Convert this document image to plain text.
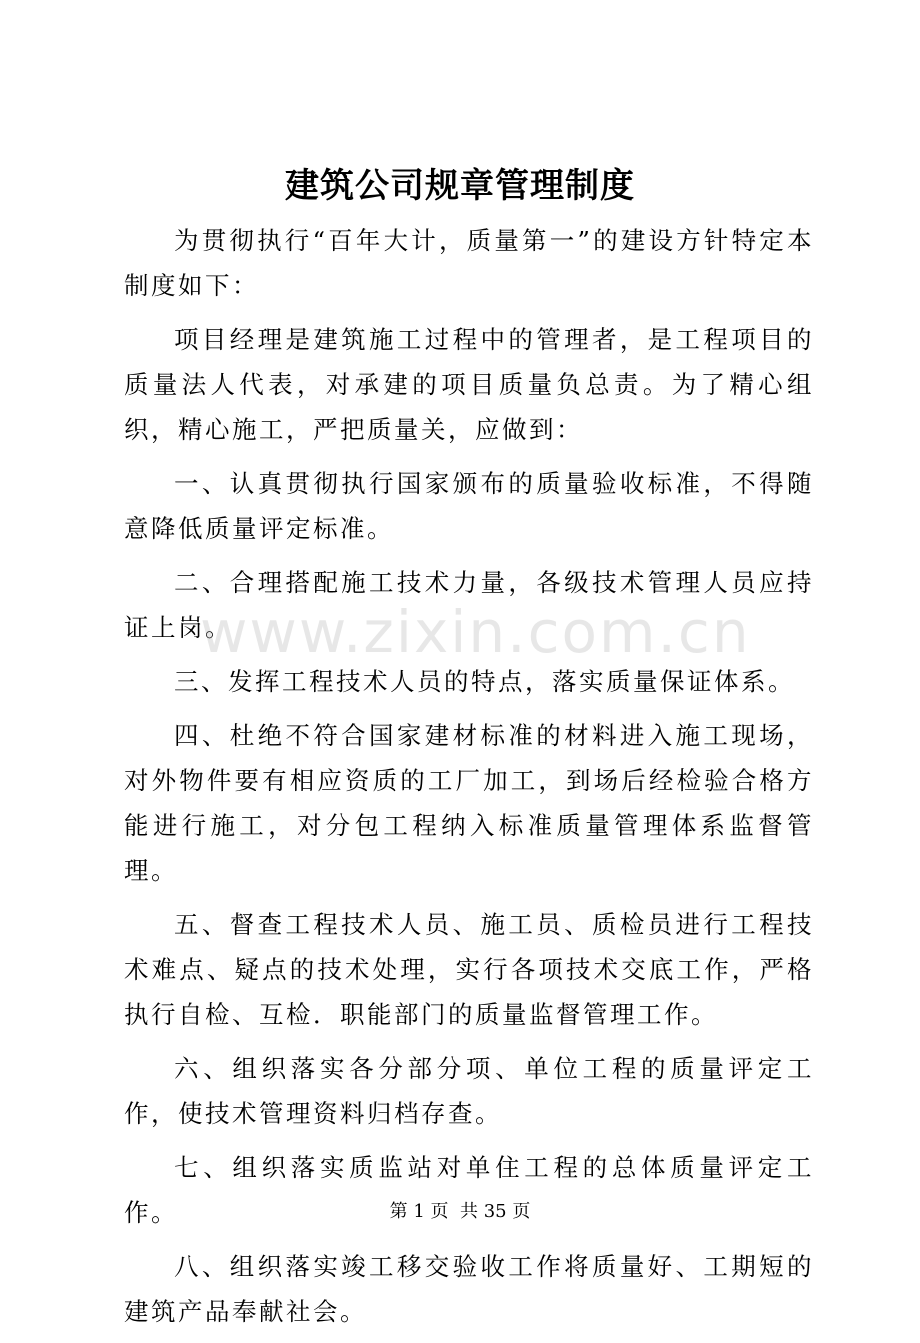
建筑公司规章管理制度

为贯彻执行“百年大计，质量第一”的建设方针特定本制度如下：

项目经理是建筑施工过程中的管理者，是工程项目的质量法人代表，对承建的项目质量负总责。为了精心组织，精心施工，严把质量关，应做到：

一、认真贯彻执行国家颁布的质量验收标准，不得随意降低质量评定标准。

二、合理搭配施工技术力量，各级技术管理人员应持证上岗。

三、发挥工程技术人员的特点，落实质量保证体系。

四、杜绝不符合国家建材标准的材料进入施工现场，对外物件要有相应资质的工厂加工，到场后经检验合格方能进行施工，对分包工程纳入标准质量管理体系监督管理。

五、督查工程技术人员、施工员、质检员进行工程技术难点、疑点的技术处理，实行各项技术交底工作，严格执行自检、互检．职能部门的质量监督管理工作。

六、组织落实各分部分项、单位工程的质量评定工作，使技术管理资料归档存查。

七、组织落实质监站对单住工程的总体质量评定工作。

八、组织落实竣工移交验收工作将质量好、工期短的建筑产品奉献社会。

www.zixin.com.cn
第 1 页 共 35 页
